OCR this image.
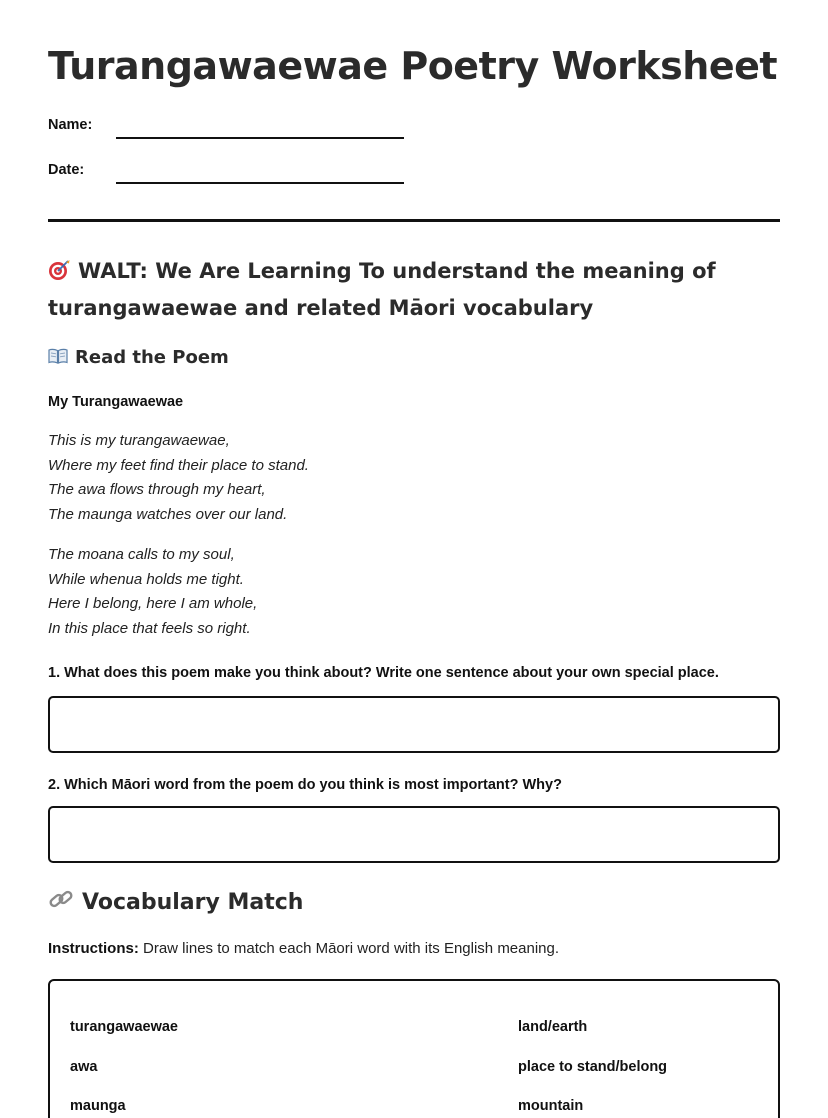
Turangawaewae Poetry Worksheet
Name:
Date:
WALT: We Are Learning To understand the meaning of turangawaewae and related Māori vocabulary
Read the Poem
My Turangawaewae
This is my turangawaewae,
Where my feet find their place to stand.
The awa flows through my heart,
The maunga watches over our land.
The moana calls to my soul,
While whenua holds me tight.
Here I belong, here I am whole,
In this place that feels so right.
1. What does this poem make you think about? Write one sentence about your own special place.
2. Which Māori word from the poem do you think is most important? Why?
Vocabulary Match
Instructions: Draw lines to match each Māori word with its English meaning.
turangawaewae	land/earth
awa	place to stand/belong
maunga	mountain
